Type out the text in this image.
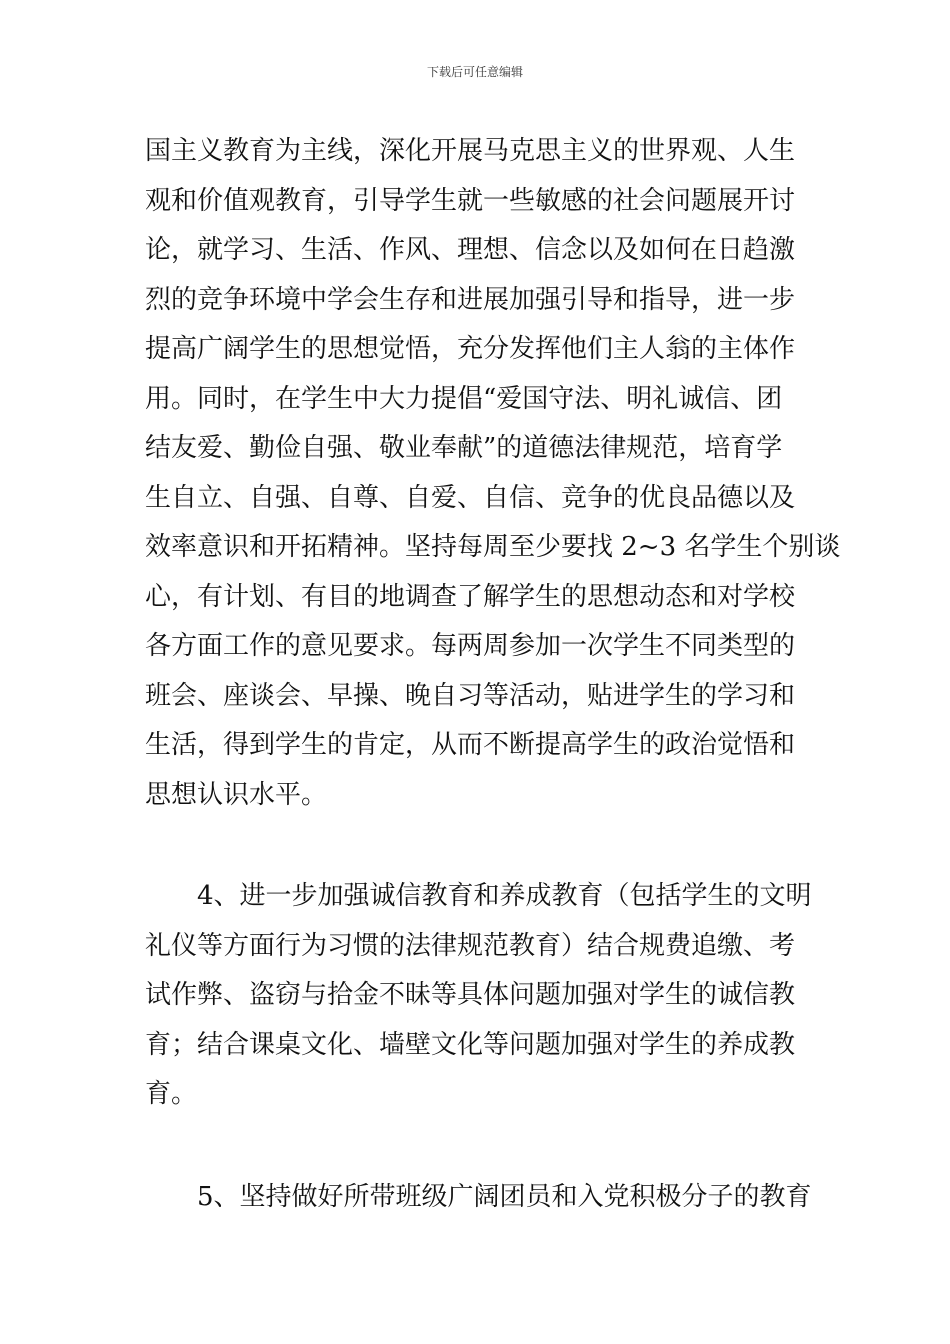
下载后可任意编辑
国主义教育为主线，深化开展马克思主义的世界观、人生
观和价值观教育，引导学生就一些敏感的社会问题展开讨
论，就学习、生活、作风、理想、信念以及如何在日趋激
烈的竞争环境中学会生存和进展加强引导和指导，进一步
提高广阔学生的思想觉悟，充分发挥他们主人翁的主体作
用。同时，在学生中大力提倡“爱国守法、明礼诚信、团
结友爱、勤俭自强、敬业奉献”的道德法律规范，培育学
生自立、自强、自尊、自爱、自信、竞争的优良品德以及
效率意识和开拓精神。坚持每周至少要找 2~3 名学生个别谈
心，有计划、有目的地调查了解学生的思想动态和对学校
各方面工作的意见要求。每两周参加一次学生不同类型的
班会、座谈会、早操、晚自习等活动，贴进学生的学习和
生活，得到学生的肯定，从而不断提高学生的政治觉悟和
思想认识水平。
　　4、进一步加强诚信教育和养成教育（包括学生的文明
礼仪等方面行为习惯的法律规范教育）结合规费追缴、考
试作弊、盗窃与拾金不昧等具体问题加强对学生的诚信教
育；结合课桌文化、墙壁文化等问题加强对学生的养成教
育。
　　5、坚持做好所带班级广阔团员和入党积极分子的教育
